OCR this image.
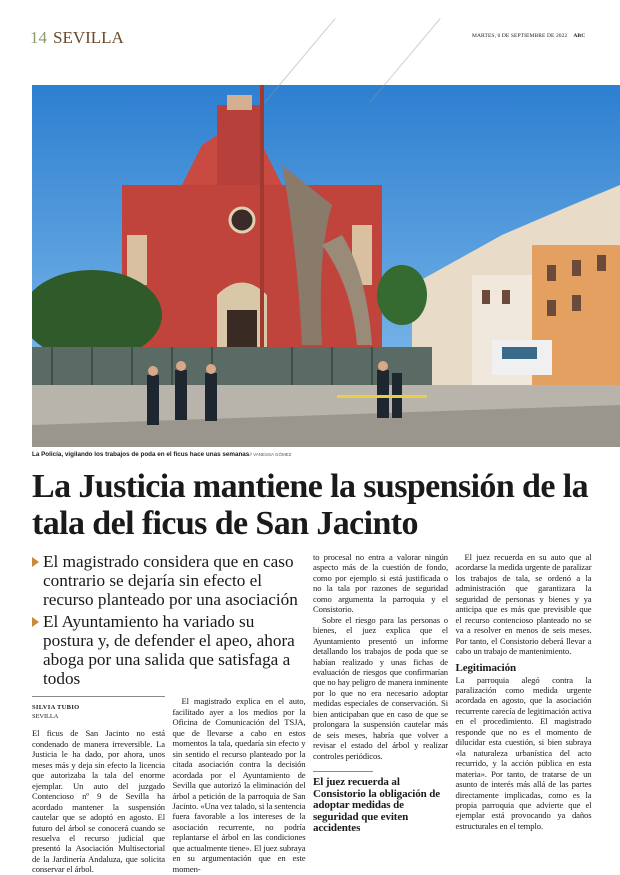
14 SEVILLA	MARTES, 6 DE SEPTIEMBRE DE 2022 ABC
La Policía, vigilando los trabajos de poda en el ficus hace unas semanas// VANESSA GÓMEZ
La Justicia mantiene la suspensión de la tala del ficus de San Jacinto
El magistrado considera que en caso contrario se dejaría sin efecto el recurso planteado por una asociación
El Ayuntamiento ha variado su postura y, de defender el apeo, ahora aboga por una salida que satisfaga a todos
SILVIA TUBIO
SEVILLA

El ficus de San Jacinto no está condenado de manera irreversible. La Justicia le ha dado, por ahora, unos meses más y deja sin efecto la licencia que autorizaba la tala del enorme ejemplar. Un auto del juzgado Contencioso nº 9 de Sevilla ha acordado mantener la suspensión cautelar que se adoptó en agosto. El futuro del árbol se conocerá cuando se resuelva el recurso judicial que presentó la Asociación Multisectorial de la Jardinería Andaluza, que solicita conservar el árbol.

El magistrado explica en el auto, facilitado ayer a los medios por la Oficina de Comunicación del TSJA, que de llevarse a cabo en estos momentos la tala, quedaría sin efecto y sin sentido el recurso planteado por la citada asociación contra la decisión acordada por el Ayuntamiento de Sevilla que autorizó la eliminación del árbol a petición de la parroquia de San Jacinto. «Una vez talado, si la sentencia fuera favorable a los intereses de la asociación recurrente, no podría replantarse el árbol en las condiciones que actualmente tiene». El juez subraya en su argumentación que en este momen-

to procesal no entra a valorar ningún aspecto más de la cuestión de fondo, como por ejemplo si está justificada o no la tala por razones de seguridad como argumenta la parroquia y el Consistorio.

Sobre el riesgo para las personas o bienes, el juez explica que el Ayuntamiento presentó un informe detallando los trabajos de poda que se habían realizado y unas fichas de evaluación de riesgos que confirmarían que no hay peligro de manera inminente por lo que no era necesario adoptar medidas especiales de conservación. Si bien anticipaban que en caso de que se prolongara la suspensión cautelar más de seis meses, habría que volver a revisar el estado del árbol y realizar controles periódicos.

El juez recuerda al Consistorio la obligación de adoptar medidas de seguridad que eviten accidentes

El juez recuerda en su auto que al acordarse la medida urgente de paralizar los trabajos de tala, se ordenó a la administración que garantizara la seguridad de personas y bienes y ya anticipa que es más que previsible que el recurso contencioso planteado no se va a resolver en menos de seis meses. Por tanto, el Consistorio deberá llevar a cabo un trabajo de mantenimiento.

Legitimación

La parroquia alegó contra la paralización como medida urgente acordada en agosto, que la asociación recurrente carecía de legitimación activa en el procedimiento. El magistrado responde que no es el momento de dilucidar esta cuestión, si bien subraya «la naturaleza urbanística del acto recurrido, y la acción pública en esta materia». Por tanto, de tratarse de un asunto de interés más allá de las partes directamente implicadas, como es la propia parroquia que advierte que el ejemplar está provocando ya daños estructurales en el templo.
